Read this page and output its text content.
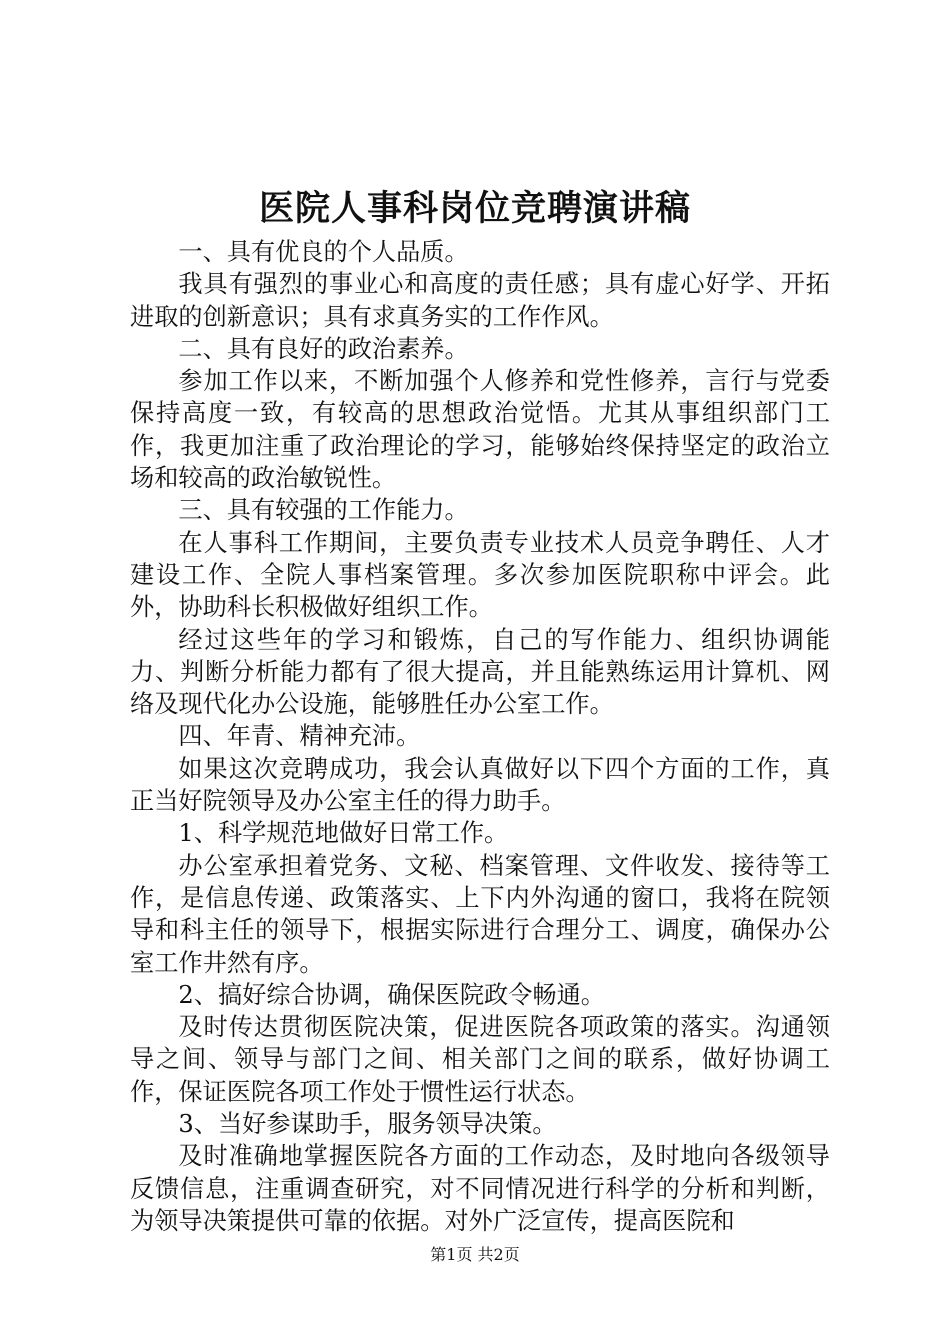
医院人事科岗位竞聘演讲稿

一、具有优良的个人品质。

我具有强烈的事业心和高度的责任感；具有虚心好学、开拓进取的创新意识；具有求真务实的工作作风。

二、具有良好的政治素养。

参加工作以来，不断加强个人修养和党性修养，言行与党委保持高度一致，有较高的思想政治觉悟。尤其从事组织部门工作，我更加注重了政治理论的学习，能够始终保持坚定的政治立场和较高的政治敏锐性。

三、具有较强的工作能力。

在人事科工作期间，主要负责专业技术人员竞争聘任、人才建设工作、全院人事档案管理。多次参加医院职称中评会。此外，协助科长积极做好组织工作。

经过这些年的学习和锻炼，自己的写作能力、组织协调能力、判断分析能力都有了很大提高，并且能熟练运用计算机、网络及现代化办公设施，能够胜任办公室工作。

四、年青、精神充沛。

如果这次竞聘成功，我会认真做好以下四个方面的工作，真正当好院领导及办公室主任的得力助手。

1、科学规范地做好日常工作。

办公室承担着党务、文秘、档案管理、文件收发、接待等工作，是信息传递、政策落实、上下内外沟通的窗口，我将在院领导和科主任的领导下，根据实际进行合理分工、调度，确保办公室工作井然有序。

2、搞好综合协调，确保医院政令畅通。

及时传达贯彻医院决策，促进医院各项政策的落实。沟通领导之间、领导与部门之间、相关部门之间的联系，做好协调工作，保证医院各项工作处于惯性运行状态。

3、当好参谋助手，服务领导决策。

及时准确地掌握医院各方面的工作动态，及时地向各级领导反馈信息，注重调查研究，对不同情况进行科学的分析和判断，为领导决策提供可靠的依据。对外广泛宣传，提高医院和

第1页 共2页
